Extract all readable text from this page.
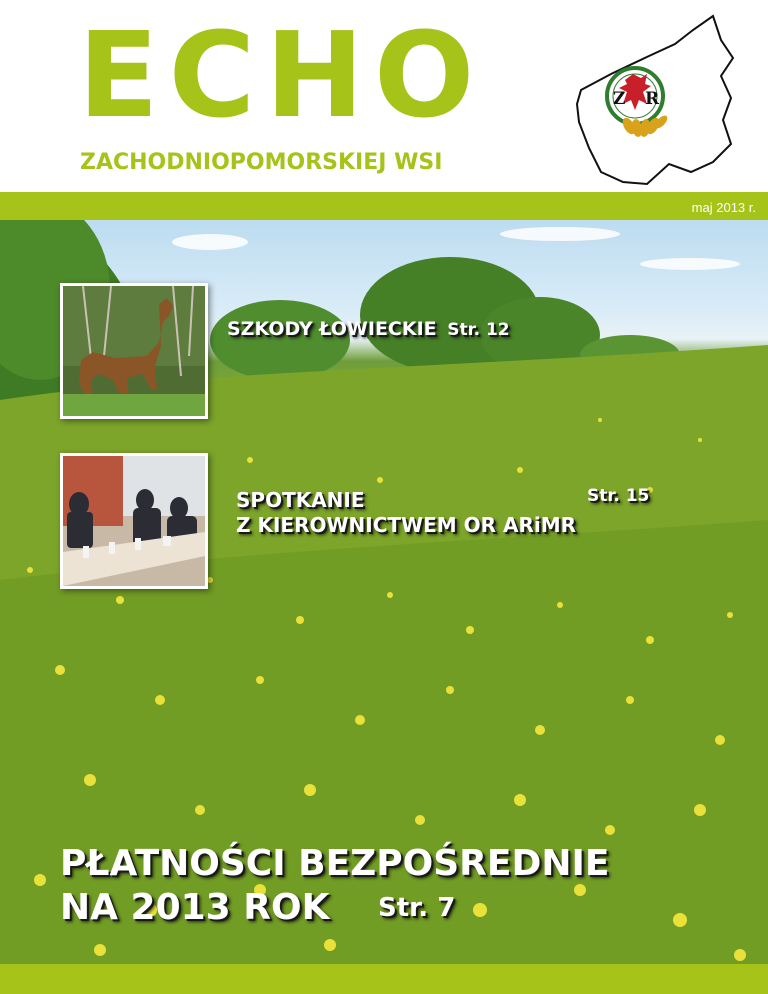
ECHO

ZACHODNIOPOMORSKIEJ WSI

Z R
maj 2013 r.
SZKODY ŁOWIECKIE Str. 12

SPOTKANIE	Str. 15

Z KIEROWNICTWEM OR ARiMR

PŁATNOŚCI BEZPOŚREDNIE

NA 2013 ROK Str. 7
